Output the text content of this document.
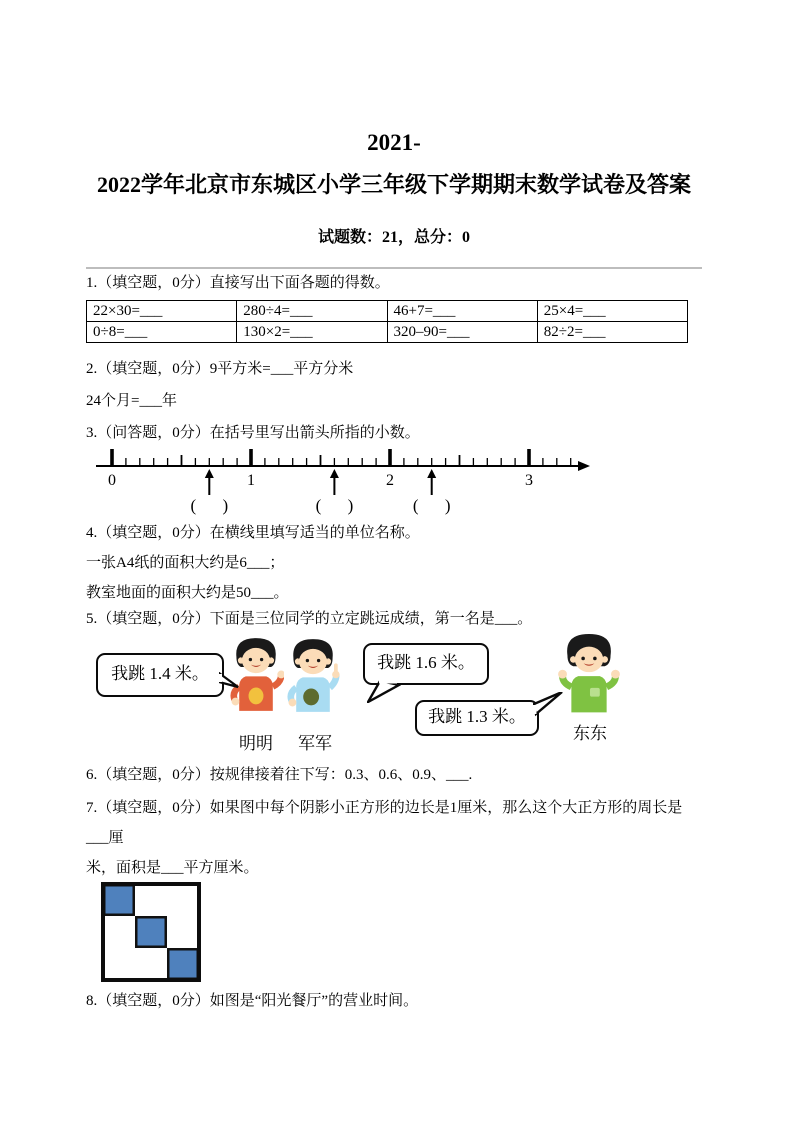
2021-
2022学年北京市东城区小学三年级下学期期末数学试卷及答案
试题数：21，总分：0
1.（填空题，0分）直接写出下面各题的得数。
22×30=___	280÷4=___	46+7=___	25×4=___
0÷8=___	130×2=___	320–90=___	82÷2=___
2.（填空题，0分）9平方米=___平方分米
24个月=___年
3.（问答题，0分）在括号里写出箭头所指的小数。
0	1	2	3
( )	( )	( )
4.（填空题，0分）在横线里填写适当的单位名称。
一张A4纸的面积大约是6___；
教室地面的面积大约是50___。
5.（填空题，0分）下面是三位同学的立定跳远成绩，第一名是___。
我跳 1.4 米。
我跳 1.6 米。
我跳 1.3 米。
明明	军军
东东
6.（填空题，0分）按规律接着往下写：0.3、0.6、0.9、___.
7.（填空题，0分）如果图中每个阴影小正方形的边长是1厘米，那么这个大正方形的周长是___厘
米，面积是___平方厘米。
8.（填空题，0分）如图是“阳光餐厅”的营业时间。
